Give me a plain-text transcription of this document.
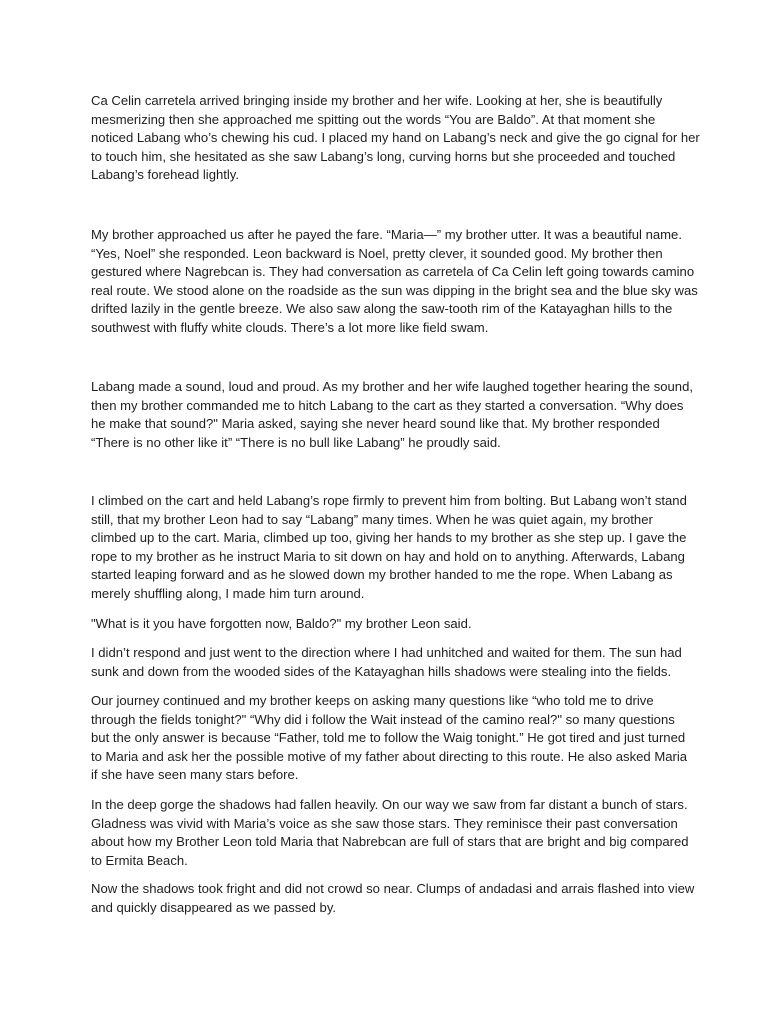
Ca Celin carretela arrived bringing inside my brother and her wife. Looking at her, she is beautifully
mesmerizing then she approached me spitting out the words “You are Baldo”. At that moment she
noticed Labang who’s chewing his cud. I placed my hand on Labang’s neck and give the go cignal for her
to touch him, she hesitated as she saw Labang’s long, curving horns but she proceeded and touched
Labang’s forehead lightly.
My brother approached us after he payed the fare. “Maria—” my brother utter. It was a beautiful name.
“Yes, Noel” she responded. Leon backward is Noel, pretty clever, it sounded good. My brother then
gestured where Nagrebcan is. They had conversation as carretela of Ca Celin left going towards camino
real route. We stood alone on the roadside as the sun was dipping in the bright sea and the blue sky was
drifted lazily in the gentle breeze. We also saw along the saw-tooth rim of the Katayaghan hills to the
southwest with fluffy white clouds. There’s a lot more like field swam.
Labang made a sound, loud and proud. As my brother and her wife laughed together hearing the sound,
then my brother commanded me to hitch Labang to the cart as they started a conversation. “Why does
he make that sound?" Maria asked, saying she never heard sound like that. My brother responded
“There is no other like it” “There is no bull like Labang” he proudly said.
I climbed on the cart and held Labang’s rope firmly to prevent him from bolting. But Labang won’t stand
still, that my brother Leon had to say “Labang” many times. When he was quiet again, my brother
climbed up to the cart. Maria, climbed up too, giving her hands to my brother as she step up. I gave the
rope to my brother as he instruct Maria to sit down on hay and hold on to anything. Afterwards, Labang
started leaping forward and as he slowed down my brother handed to me the rope. When Labang as
merely shuffling along, I made him turn around.
"What is it you have forgotten now, Baldo?" my brother Leon said.
I didn’t respond and just went to the direction where I had unhitched and waited for them. The sun had
sunk and down from the wooded sides of the Katayaghan hills shadows were stealing into the fields.
Our journey continued and my brother keeps on asking many questions like “who told me to drive
through the fields tonight?" “Why did i follow the Wait instead of the camino real?" so many questions
but the only answer is because “Father, told me to follow the Waig tonight.” He got tired and just turned
to Maria and ask her the possible motive of my father about directing to this route. He also asked Maria
if she have seen many stars before.
In the deep gorge the shadows had fallen heavily. On our way we saw from far distant a bunch of stars.
Gladness was vivid with Maria’s voice as she saw those stars. They reminisce their past conversation
about how my Brother Leon told Maria that Nabrebcan are full of stars that are bright and big compared
to Ermita Beach.
Now the shadows took fright and did not crowd so near. Clumps of andadasi and arrais flashed into view
and quickly disappeared as we passed by.
